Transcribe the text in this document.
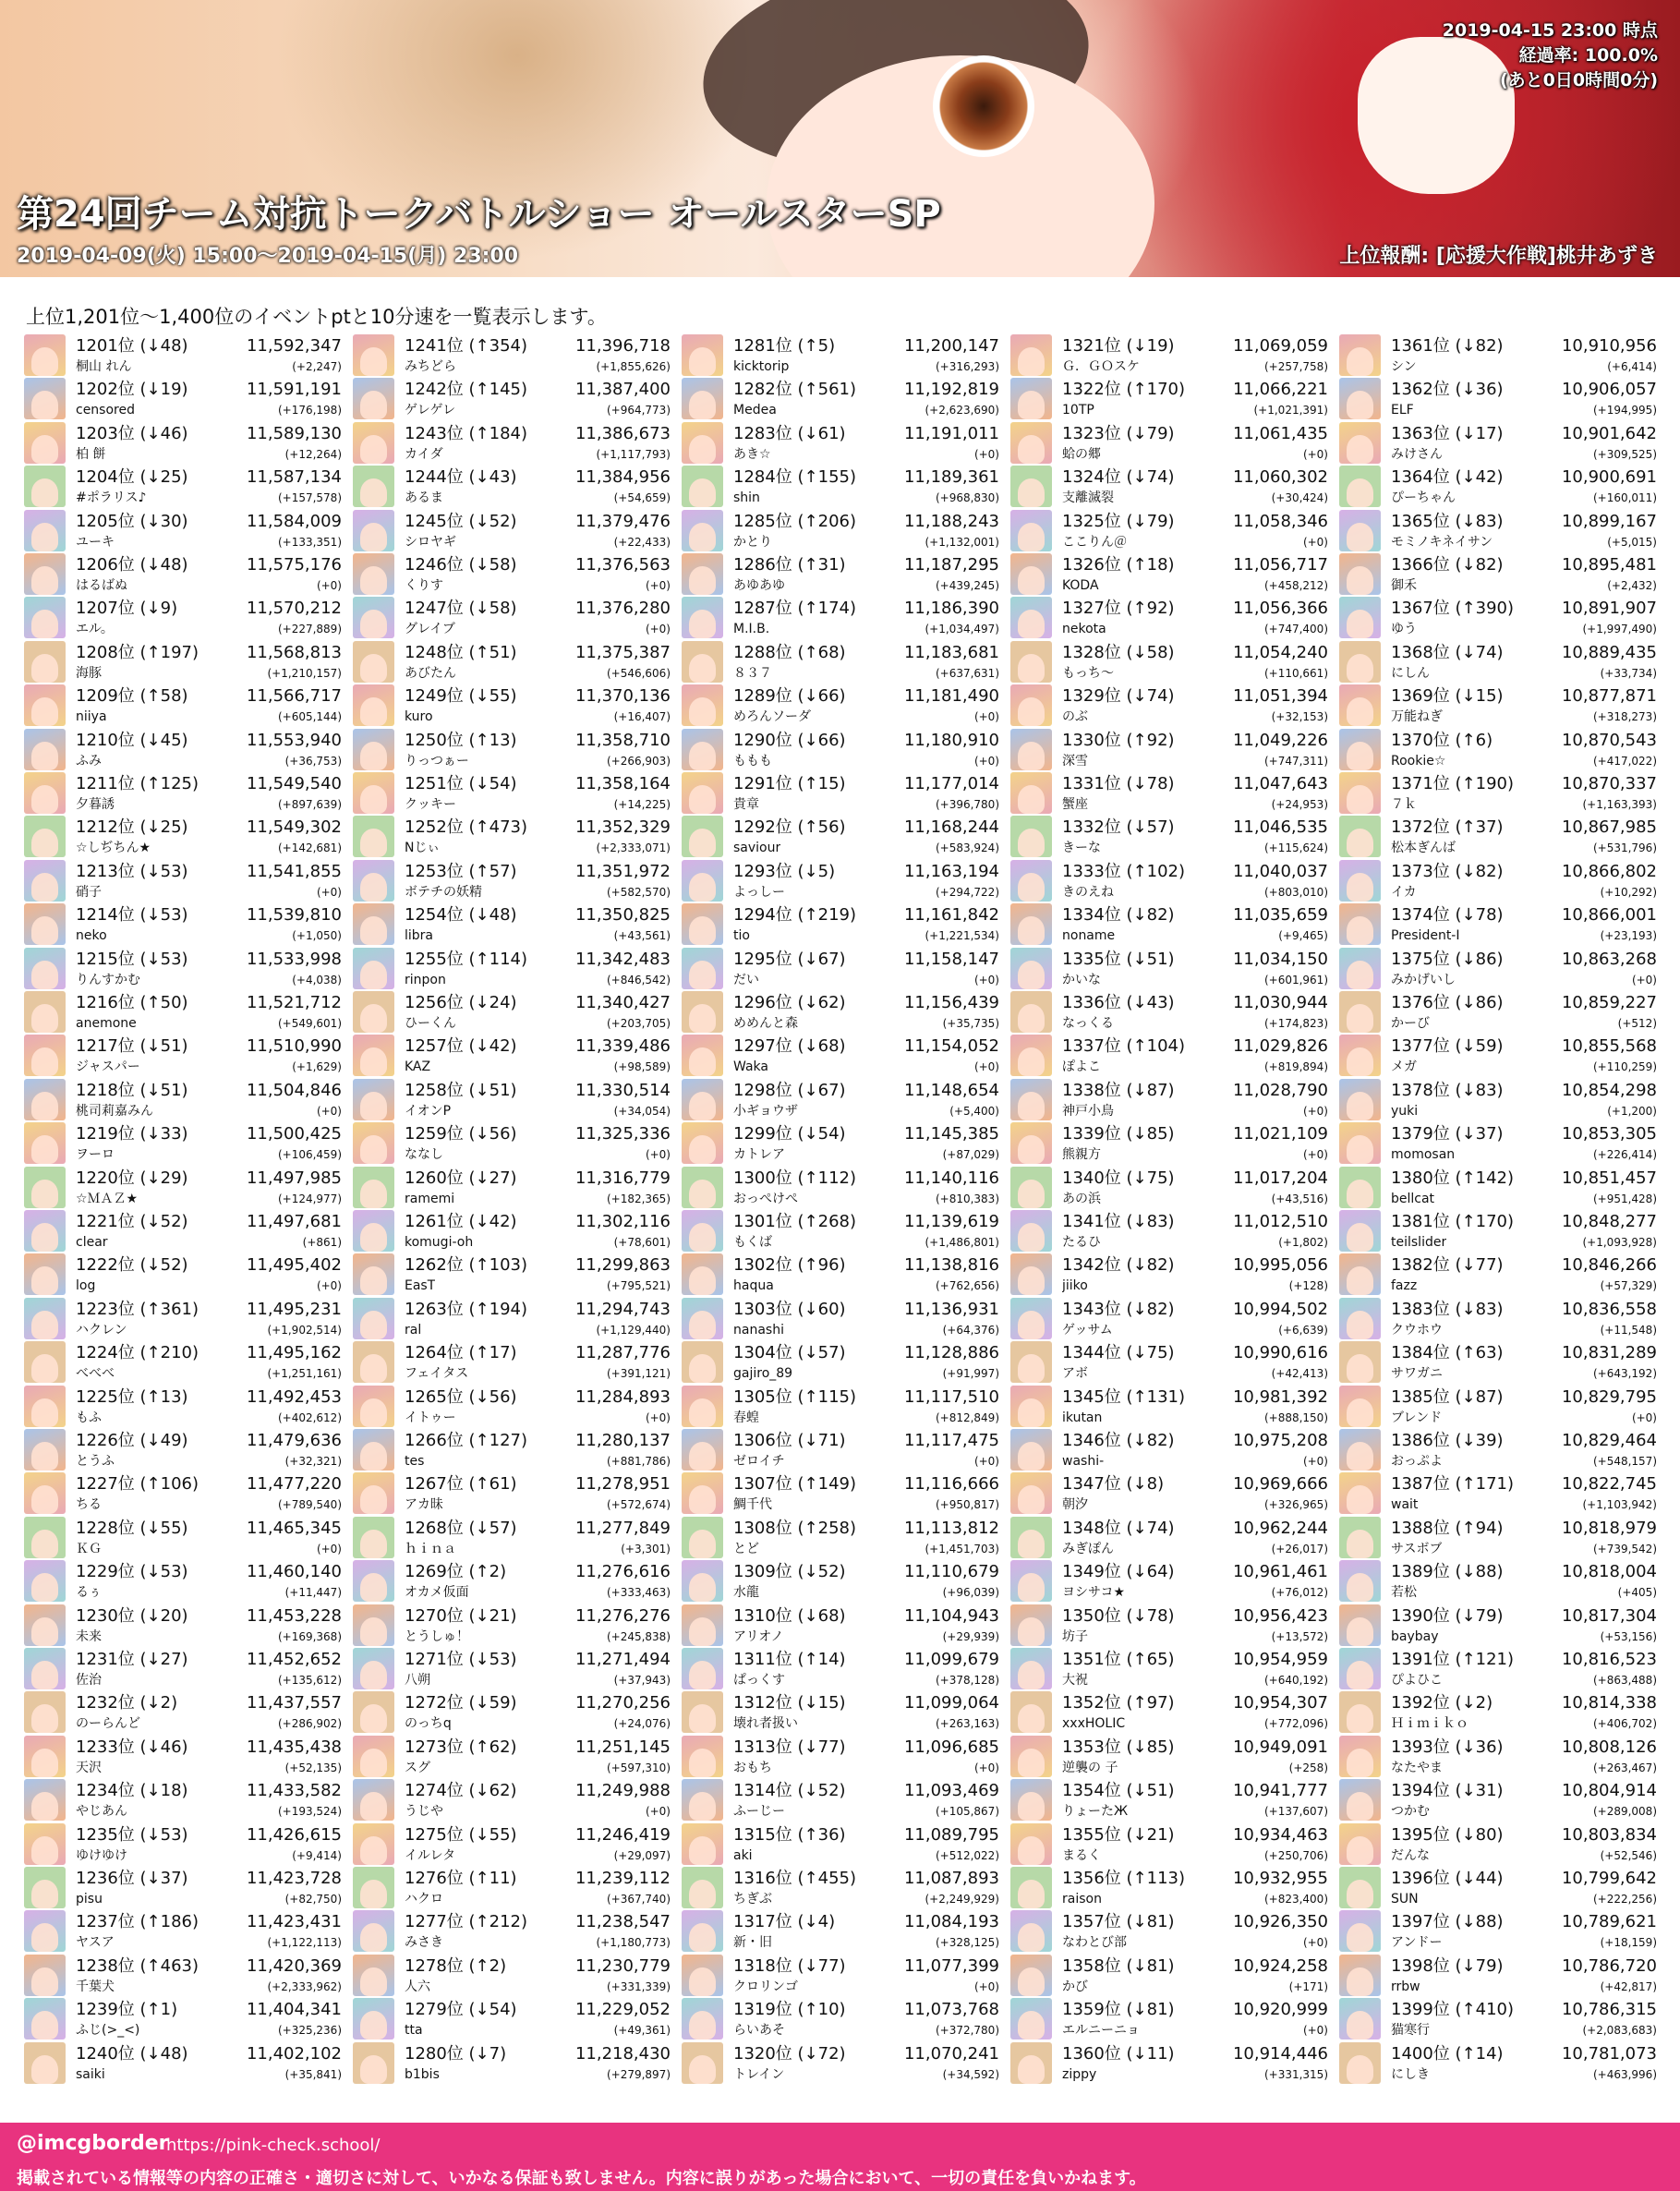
2019-04-15 23:00 時点
経過率: 100.0%
(あと0日0時間0分)
第24回チーム対抗トークバトルショー オールスターSP
2019-04-09(火) 15:00～2019-04-15(月) 23:00	上位報酬: [応援大作戦]桃井あずき
上位1,201位～1,400位のイベントptと10分速を一覧表示します。
1201位 (↓48)	11,592,347
桐山 れん	(+2,247)
1202位 (↓19)	11,591,191
censored	(+176,198)
1203位 (↓46)	11,589,130
柏 餅	(+12,264)
1204位 (↓25)	11,587,134
#ポラリス♪	(+157,578)
1205位 (↓30)	11,584,009
ユーキ	(+133,351)
1206位 (↓48)	11,575,176
はるばぬ	(+0)
1207位 (↓9)	11,570,212
エル。	(+227,889)
1208位 (↑197)	11,568,813
海豚	(+1,210,157)
1209位 (↑58)	11,566,717
niiya	(+605,144)
1210位 (↓45)	11,553,940
ふみ	(+36,753)
1211位 (↑125)	11,549,540
夕暮誘	(+897,639)
1212位 (↓25)	11,549,302
☆しぢちん★	(+142,681)
1213位 (↓53)	11,541,855
硝子	(+0)
1214位 (↓53)	11,539,810
neko	(+1,050)
1215位 (↓53)	11,533,998
りんすかむ	(+4,038)
1216位 (↑50)	11,521,712
anemone	(+549,601)
1217位 (↓51)	11,510,990
ジャスパー	(+1,629)
1218位 (↓51)	11,504,846
桃司莉嘉みん	(+0)
1219位 (↓33)	11,500,425
ヲーロ	(+106,459)
1220位 (↓29)	11,497,985
☆ＭＡＺ★	(+124,977)
1221位 (↓52)	11,497,681
clear	(+861)
1222位 (↓52)	11,495,402
log	(+0)
1223位 (↑361)	11,495,231
ハクレン	(+1,902,514)
1224位 (↑210)	11,495,162
べべべ	(+1,251,161)
1225位 (↑13)	11,492,453
もふ	(+402,612)
1226位 (↓49)	11,479,636
とうふ	(+32,321)
1227位 (↑106)	11,477,220
ちる	(+789,540)
1228位 (↓55)	11,465,345
ＫＧ	(+0)
1229位 (↓53)	11,460,140
るぅ	(+11,447)
1230位 (↓20)	11,453,228
未来	(+169,368)
1231位 (↓27)	11,452,652
佐治	(+135,612)
1232位 (↓2)	11,437,557
のーらんど	(+286,902)
1233位 (↓46)	11,435,438
天沢	(+52,135)
1234位 (↓18)	11,433,582
やじあん	(+193,524)
1235位 (↓53)	11,426,615
ゆけゆけ	(+9,414)
1236位 (↓37)	11,423,728
pisu	(+82,750)
1237位 (↑186)	11,423,431
ヤスア	(+1,122,113)
1238位 (↑463)	11,420,369
千葉犬	(+2,333,962)
1239位 (↑1)	11,404,341
ふじ(>_<)	(+325,236)
1240位 (↓48)	11,402,102
saiki	(+35,841)
1241位 (↑354)	11,396,718
みちどら	(+1,855,626)
1242位 (↑145)	11,387,400
ゲレゲレ	(+964,773)
1243位 (↑184)	11,386,673
カイダ	(+1,117,793)
1244位 (↓43)	11,384,956
あるま	(+54,659)
1245位 (↓52)	11,379,476
シロヤギ	(+22,433)
1246位 (↓58)	11,376,563
くりす	(+0)
1247位 (↓58)	11,376,280
グレイブ	(+0)
1248位 (↑51)	11,375,387
あびたん	(+546,606)
1249位 (↓55)	11,370,136
kuro	(+16,407)
1250位 (↑13)	11,358,710
りっつぁー	(+266,903)
1251位 (↓54)	11,358,164
クッキー	(+14,225)
1252位 (↑473)	11,352,329
Nじぃ	(+2,333,071)
1253位 (↑57)	11,351,972
ボテチの妖精	(+582,570)
1254位 (↓48)	11,350,825
libra	(+43,561)
1255位 (↑114)	11,342,483
rinpon	(+846,542)
1256位 (↓24)	11,340,427
ひーくん	(+203,705)
1257位 (↓42)	11,339,486
KAZ	(+98,589)
1258位 (↓51)	11,330,514
イオンP	(+34,054)
1259位 (↓56)	11,325,336
ななし	(+0)
1260位 (↓27)	11,316,779
ramemi	(+182,365)
1261位 (↓42)	11,302,116
komugi-oh	(+78,601)
1262位 (↑103)	11,299,863
EasT	(+795,521)
1263位 (↑194)	11,294,743
ral	(+1,129,440)
1264位 (↑17)	11,287,776
フェイタス	(+391,121)
1265位 (↓56)	11,284,893
イトゥー	(+0)
1266位 (↑127)	11,280,137
tes	(+881,786)
1267位 (↑61)	11,278,951
アカ昧	(+572,674)
1268位 (↓57)	11,277,849
ｈｉｎａ	(+3,301)
1269位 (↑2)	11,276,616
オカメ仮面	(+333,463)
1270位 (↓21)	11,276,276
とうしゅ！	(+245,838)
1271位 (↓53)	11,271,494
八朔	(+37,943)
1272位 (↓59)	11,270,256
のっちq	(+24,076)
1273位 (↑62)	11,251,145
スグ	(+597,310)
1274位 (↓62)	11,249,988
うじや	(+0)
1275位 (↓55)	11,246,419
イルレタ	(+29,097)
1276位 (↑11)	11,239,112
ハクロ	(+367,740)
1277位 (↑212)	11,238,547
みさき	(+1,180,773)
1278位 (↑2)	11,230,779
人六	(+331,339)
1279位 (↓54)	11,229,052
tta	(+49,361)
1280位 (↓7)	11,218,430
b1bis	(+279,897)
1281位 (↑5)	11,200,147
kicktorip	(+316,293)
1282位 (↑561)	11,192,819
Medea	(+2,623,690)
1283位 (↓61)	11,191,011
あき☆	(+0)
1284位 (↑155)	11,189,361
shin	(+968,830)
1285位 (↑206)	11,188,243
かとり	(+1,132,001)
1286位 (↑31)	11,187,295
あゆあゆ	(+439,245)
1287位 (↑174)	11,186,390
M.I.B.	(+1,034,497)
1288位 (↑68)	11,183,681
８３７	(+637,631)
1289位 (↓66)	11,181,490
めろんソーダ	(+0)
1290位 (↓66)	11,180,910
ももも	(+0)
1291位 (↑15)	11,177,014
貴章	(+396,780)
1292位 (↑56)	11,168,244
saviour	(+583,924)
1293位 (↓5)	11,163,194
よっしー	(+294,722)
1294位 (↑219)	11,161,842
tio	(+1,221,534)
1295位 (↓67)	11,158,147
だい	(+0)
1296位 (↓62)	11,156,439
めめんと森	(+35,735)
1297位 (↓68)	11,154,052
Waka	(+0)
1298位 (↓67)	11,148,654
小ギョウザ	(+5,400)
1299位 (↓54)	11,145,385
カトレア	(+87,029)
1300位 (↑112)	11,140,116
おっぺけぺ	(+810,383)
1301位 (↑268)	11,139,619
もくば	(+1,486,801)
1302位 (↑96)	11,138,816
haqua	(+762,656)
1303位 (↓60)	11,136,931
nanashi	(+64,376)
1304位 (↓57)	11,128,886
gajiro_89	(+91,997)
1305位 (↑115)	11,117,510
春蝗	(+812,849)
1306位 (↓71)	11,117,475
ゼロイチ	(+0)
1307位 (↑149)	11,116,666
鯛千代	(+950,817)
1308位 (↑258)	11,113,812
とど	(+1,451,703)
1309位 (↓52)	11,110,679
水龍	(+96,039)
1310位 (↓68)	11,104,943
アリオノ	(+29,939)
1311位 (↑14)	11,099,679
ぱっくす	(+378,128)
1312位 (↓15)	11,099,064
壊れ者扱い	(+263,163)
1313位 (↓77)	11,096,685
おもち	(+0)
1314位 (↓52)	11,093,469
ふーじー	(+105,867)
1315位 (↑36)	11,089,795
aki	(+512,022)
1316位 (↑455)	11,087,893
ちぎぶ	(+2,249,929)
1317位 (↓4)	11,084,193
新・旧	(+328,125)
1318位 (↓77)	11,077,399
クロリンゴ	(+0)
1319位 (↑10)	11,073,768
らいあそ	(+372,780)
1320位 (↓72)	11,070,241
トレイン	(+34,592)
1321位 (↓19)	11,069,059
Ｇ．ＧＯスケ	(+257,758)
1322位 (↑170)	11,066,221
10TP	(+1,021,391)
1323位 (↓79)	11,061,435
蛤の郷	(+0)
1324位 (↓74)	11,060,302
支離滅裂	(+30,424)
1325位 (↓79)	11,058,346
ここりん＠	(+0)
1326位 (↑18)	11,056,717
KODA	(+458,212)
1327位 (↑92)	11,056,366
nekota	(+747,400)
1328位 (↓58)	11,054,240
もっち～	(+110,661)
1329位 (↓74)	11,051,394
のぶ	(+32,153)
1330位 (↑92)	11,049,226
深雪	(+747,311)
1331位 (↓78)	11,047,643
蟹座	(+24,953)
1332位 (↓57)	11,046,535
きーな	(+115,624)
1333位 (↑102)	11,040,037
きのえね	(+803,010)
1334位 (↓82)	11,035,659
noname	(+9,465)
1335位 (↓51)	11,034,150
かいな	(+601,961)
1336位 (↓43)	11,030,944
なっくる	(+174,823)
1337位 (↑104)	11,029,826
ぽよこ	(+819,894)
1338位 (↓87)	11,028,790
神戸小鳥	(+0)
1339位 (↓85)	11,021,109
熊親方	(+0)
1340位 (↓75)	11,017,204
あの浜	(+43,516)
1341位 (↓83)	11,012,510
たるひ	(+1,802)
1342位 (↓82)	10,995,056
jiiko	(+128)
1343位 (↓82)	10,994,502
ゲッサム	(+6,639)
1344位 (↓75)	10,990,616
アボ	(+42,413)
1345位 (↑131)	10,981,392
ikutan	(+888,150)
1346位 (↓82)	10,975,208
washi-	(+0)
1347位 (↓8)	10,969,666
朝汐	(+326,965)
1348位 (↓74)	10,962,244
みぎぽん	(+26,017)
1349位 (↓64)	10,961,461
ヨシサコ★	(+76,012)
1350位 (↓78)	10,956,423
坊子	(+13,572)
1351位 (↑65)	10,954,959
大祝	(+640,192)
1352位 (↑97)	10,954,307
xxxHOLIC	(+772,096)
1353位 (↓85)	10,949,091
逆襲の 子	(+258)
1354位 (↓51)	10,941,777
りょーたЖ	(+137,607)
1355位 (↓21)	10,934,463
まるく	(+250,706)
1356位 (↑113)	10,932,955
raison	(+823,400)
1357位 (↓81)	10,926,350
なわとび部	(+0)
1358位 (↓81)	10,924,258
かび	(+171)
1359位 (↓81)	10,920,999
エルニーニョ	(+0)
1360位 (↓11)	10,914,446
zippy	(+331,315)
1361位 (↓82)	10,910,956
シン	(+6,414)
1362位 (↓36)	10,906,057
ELF	(+194,995)
1363位 (↓17)	10,901,642
みけさん	(+309,525)
1364位 (↓42)	10,900,691
ぴーちゃん	(+160,011)
1365位 (↓83)	10,899,167
モミノキネイサン	(+5,015)
1366位 (↓82)	10,895,481
御禾	(+2,432)
1367位 (↑390)	10,891,907
ゆう	(+1,997,490)
1368位 (↓74)	10,889,435
にしん	(+33,734)
1369位 (↓15)	10,877,871
万能ねぎ	(+318,273)
1370位 (↑6)	10,870,543
Rookie☆	(+417,022)
1371位 (↑190)	10,870,337
７ｋ	(+1,163,393)
1372位 (↑37)	10,867,985
松本ぎんば	(+531,796)
1373位 (↓82)	10,866,802
イカ	(+10,292)
1374位 (↓78)	10,866,001
President-I	(+23,193)
1375位 (↓86)	10,863,268
みかげいし	(+0)
1376位 (↓86)	10,859,227
かーび	(+512)
1377位 (↓59)	10,855,568
メガ	(+110,259)
1378位 (↓83)	10,854,298
yuki	(+1,200)
1379位 (↓37)	10,853,305
momosan	(+226,414)
1380位 (↑142)	10,851,457
bellcat	(+951,428)
1381位 (↑170)	10,848,277
teilslider	(+1,093,928)
1382位 (↓77)	10,846,266
fazz	(+57,329)
1383位 (↓83)	10,836,558
クウホウ	(+11,548)
1384位 (↑63)	10,831,289
サワガニ	(+643,192)
1385位 (↓87)	10,829,795
ブレンド	(+0)
1386位 (↓39)	10,829,464
おっぷよ	(+548,157)
1387位 (↑171)	10,822,745
wait	(+1,103,942)
1388位 (↑94)	10,818,979
サスボブ	(+739,542)
1389位 (↓88)	10,818,004
若松	(+405)
1390位 (↓79)	10,817,304
baybay	(+53,156)
1391位 (↑121)	10,816,523
ぴよひこ	(+863,488)
1392位 (↓2)	10,814,338
Ｈｉｍｉｋｏ	(+406,702)
1393位 (↓36)	10,808,126
なたやま	(+263,467)
1394位 (↓31)	10,804,914
つかむ	(+289,008)
1395位 (↓80)	10,803,834
だんな	(+52,546)
1396位 (↓44)	10,799,642
SUN	(+222,256)
1397位 (↓88)	10,789,621
アンドー	(+18,159)
1398位 (↓79)	10,786,720
rrbw	(+42,817)
1399位 (↑410)	10,786,315
猫寒行	(+2,083,683)
1400位 (↑14)	10,781,073
にしき	(+463,996)
@imcgborder
https://pink-check.school/
掲載されている情報等の内容の正確さ・適切さに対して、いかなる保証も致しません。内容に誤りがあった場合において、一切の責任を負いかねます。
